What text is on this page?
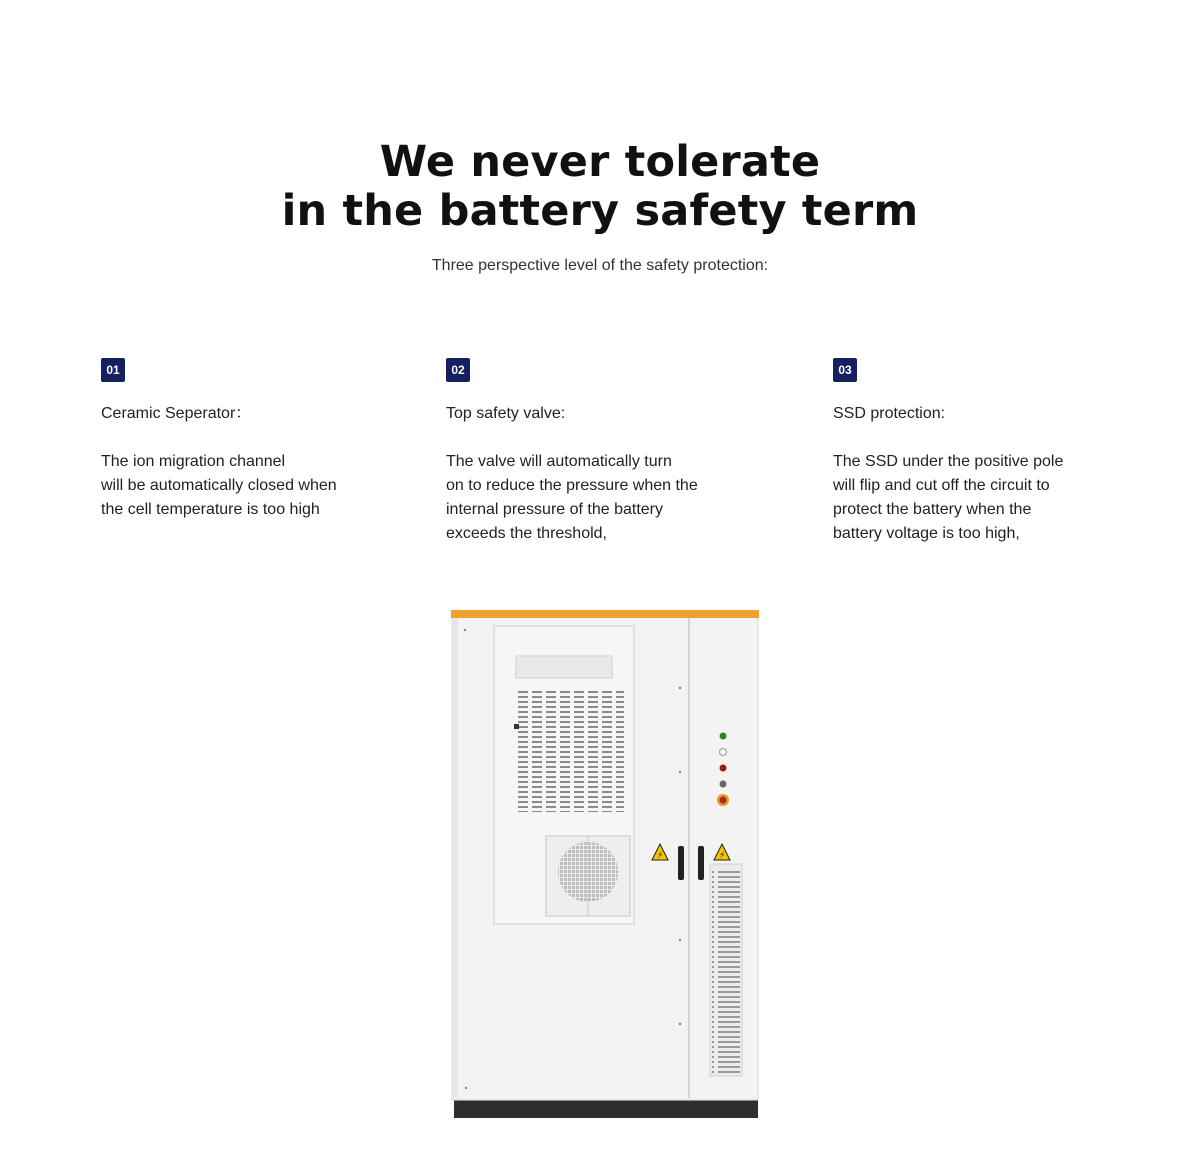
We never tolerate
in the battery safety term
Three perspective level of the safety protection:
01
Ceramic Seperator：
The ion migration channel
will be automatically closed when
the cell temperature is too high
02
Top safety valve:
The valve will automatically turn
on to reduce the pressure when the
internal pressure of the battery
exceeds the threshold,
03
SSD protection:
The SSD under the positive pole
will flip and cut off the circuit to
protect the battery when the
battery voltage is too high,
⚡	⚡
